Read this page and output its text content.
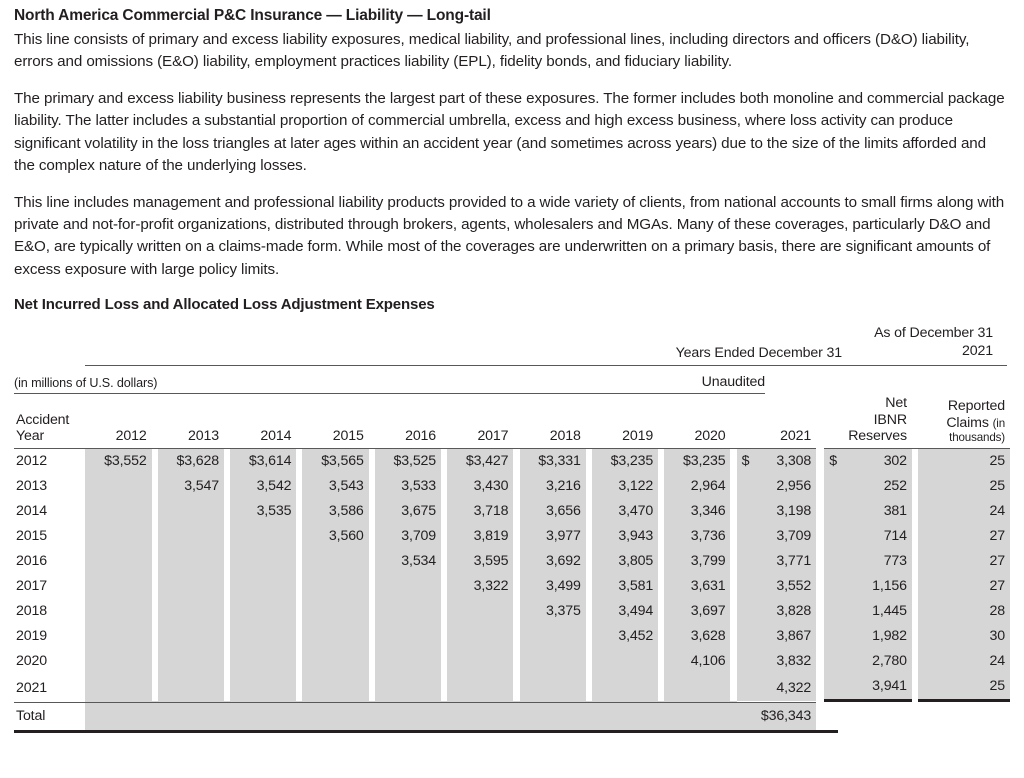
North America Commercial P&C Insurance — Liability — Long-tail

This line consists of primary and excess liability exposures, medical liability, and professional lines, including directors and officers (D&O) liability, errors and omissions (E&O) liability, employment practices liability (EPL), fidelity bonds, and fiduciary liability.

The primary and excess liability business represents the largest part of these exposures. The former includes both monoline and commercial package liability. The latter includes a substantial proportion of commercial umbrella, excess and high excess business, where loss activity can produce significant volatility in the loss triangles at later ages within an accident year (and sometimes across years) due to the size of the limits afforded and the complex nature of the underlying losses.

This line includes management and professional liability products provided to a wide variety of clients, from national accounts to small firms along with private and not-for-profit organizations, distributed through brokers, agents, wholesalers and MGAs. Many of these coverages, particularly D&O and E&O, are typically written on a claims-made form. While most of the coverages are underwritten on a primary basis, there are significant amounts of excess exposure with large policy limits.

Net Incurred Loss and Allocated Loss Adjustment Expenses
Years Ended December 31
As of December 31
2021
(in millions of U.S. dollars)	Unaudited
Accident
Year	2012		2013		2014		2015		2016		2017		2018		2019		2020		2021		
Net
IBNR
Reserves

Reported
Claims (in
thousands)

2012	$3,552		$3,628		$3,614		$3,565		$3,525		$3,427		$3,331		$3,235		$3,235		$ 3,308		$ 302		25
2013			3,547		3,542		3,543		3,533		3,430		3,216		3,122		2,964		2,956		252		25
2014					3,535		3,586		3,675		3,718		3,656		3,470		3,346		3,198		381		24
2015							3,560		3,709		3,819		3,977		3,943		3,736		3,709		714		27
2016									3,534		3,595		3,692		3,805		3,799		3,771		773		27
2017											3,322		3,499		3,581		3,631		3,552		1,156		27
2018													3,375		3,494		3,697		3,828		1,445		28
2019															3,452		3,628		3,867		1,982		30
2020																	4,106		3,832		2,780		24
2021																			4,322		3,941		25

Total																			$36,343				
